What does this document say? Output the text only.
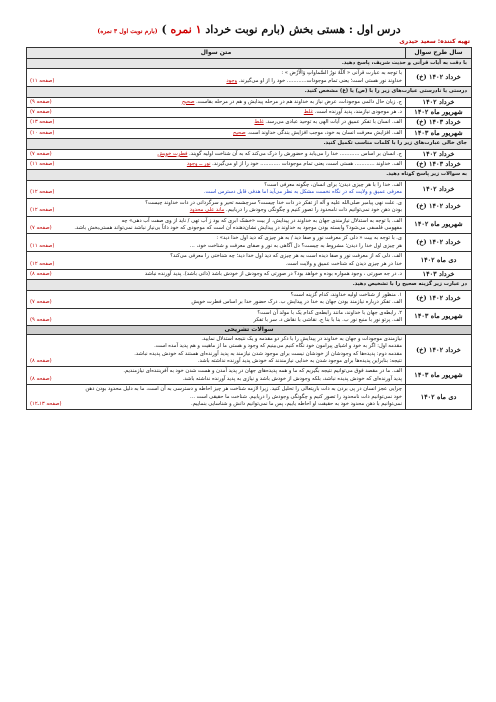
درس اول : هستی بخش (بارم نوبت خرداد ۱ نمره ) (بارم نوبت اول ۳ نمره)
تهیه کننده: سعید حیدری
سال طرح سوال	متن سوال
با دقت به آیات قرآنی و حدیث شریف، پاسخ دهید.	
خرداد ۱۴۰۲ (خ)	با توجه به عبارت قرآنی « اَللّهُ نورُ السَّماواتِ وَالْاَرْض » :
(صفحه ۱۱) خداوند نور هستی است؛ یعنی تمام موجودات............ خود را از او می‌گیرند. وجود

درستی یا نادرستی عبارت‌های زیر را با (ص) یا (غ) مشخص کنید.	
خرداد ۱۴۰۲	(صفحه ۹) ج. زیان حال دائمی موجودات، عرض نیاز به خداوند هم در مرحله پیدایش و هم در مرحله بقاست. صحیح

شهریور ماه ۱۴۰۲	(صفحه ۷) د. هر موجودی نیازمند، پدید آورنده است. غلط

خرداد ۱۴۰۳ (خ)	(صفحه ۱۳) الف. انسان با تفکر عمیق در آیات الهی به توحید عبادی می‌رسد. غلط

شهریور ماه ۱۴۰۳	(صفحه ۱۰) الف. افزایش معرفت انسان به خود، موجب افزایش بندگی خداوند است. صحیح

جای خالی عبارت‌های زیر را با کلمات مناسب تکمیل کنید.	
خرداد ۱۴۰۲	(صفحه ۷) ج. انسان بر اساس ............ خدا را می‌یابد و حضورش را درک می‌کند که به آن شناخت اولیه گویند. فطرت خویش

خرداد ۱۴۰۳ (خ)	(صفحه ۱۱) الف. خداوند ............ هستی است، یعنی تمام موجودات ............ خود را از او می‌گیرند. نور ــ وجود

به سوالات زیر پاسخ کوتاه دهید.	
خرداد ۱۴۰۲	الف. خدا را با هر چیزی دیدن؛ برای انسان، چگونه معرفی است؟
(صفحه ۱۲) معرفی عمیق و ولایت که در نگاه نخست مشکل به نظر می‌آید اما هدفی قابل دسترس است.

خرداد ۱۴۰۲ (خ)	ی. علت نهی پیامبر صلی‌الله علیه و آله از تفکر در ذات خدا چیست؟ سرچشمه تحیر و سرگردانی در ذات خداوند چیست؟
(صفحه ۱۲) بودن ذهن خود نمی‌توانیم ذات نامحدود را تصور کنیم و چگونگی وجودش را دریابیم. ماند علی محدود

شهریور ماه ۱۴۰۲	الف. با توجه به استدلال نیازمندی جهان به خداوند در پیدایش، از بیت «خشک ابری که بود ز آب تهی / ناید از وی صفت آب دهی» چه
(صفحه ۷) مفهومی فلسفی می‌شود؟ وابسته بودن موجود به خداوند در پیدایش نشان‌دهنده آن است که موجودی که خود ذاتاً بی‌نیاز نباشد نمی‌تواند هستی‌بخش باشد.

خرداد ۱۴۰۲ (خ)	ی. با توجه به بیت « دلی کز معرفت نور و صفا دید / به هر چیزی که دید اول خدا دید» :
(صفحه ۱۱) هر چیزی اول خدا را دیدن؛ مشروط به چیست؟ دل آگاهی به نور و صفای معرفت و شناخت خود، ...

دی ماه ۱۴۰۲	الف. دلی که از معرفت نور و صفا دیده است به هر چیزی که دید اول خدا دید؛ چه شناختی را معرفی می‌کند؟
(صفحه ۱۲) خدا در هر چیزی دیدن که شناخت عمیق و ولایت است.

خرداد ۱۴۰۳	(صفحه ۸) د. در جه صورتی ، وجود همواره بوده و خواهد بود؟ در صورتی که وجودش از خودش باشد (ذاتی باشد). پدید آورنده نباشد

در عبارت زیر گزینه صحیح را با تشخیص دهید.	
خرداد ۱۴۰۲ (خ)	۱. منظور از شناخت اولیه خداوند، کدام گزینه است؟
(صفحه ۷) الف. تفکر درباره نیازمند بودن جهان به خدا در پیدایش ب. درک حضور خدا بر اساس فطرت خویش

شهریور ماه ۱۴۰۳	۲. رابطه‌ی جهان با خداوند، مانند رابطه‌ی کدام یک با مولد آن است؟
(صفحه ۹) الف. پرتو نور با منبع نور ب. بنا با بنا ج. نقاشی با نقاش د. سر با تفکر

سوالات تشریحی	
خرداد ۱۴۰۲ (خ)	نیازمندی موجودات و جهان به خداوند در پیدایش را با ذکر دو مقدمه و یک نتیجه استدلال نمایید.
مقدمه اول: اگر به خود و اشیای پیرامون خود نگاه کنیم می‌بینیم که وجود و هستی ما از ماهیت و هم پدید آمده است.
مقدمه دوم: پدیده‌ها که وجودشان از خودشان نیست برای موجود شدن نیازمند به پدید آورنده‌ای هستند که خودش پدیده نباشد.
(صفحه ۸) نتیجه: بنابراین پدیده‌ها برای موجود شدن به خدایی نیازمندند که خودش پدید آورنده نداشته باشد.

شهریور ماه ۱۴۰۳	الف. ما در مقصد فوق می‌توانیم نتیجه بگیریم که ما و همه پدیده‌های جهان در پدید آمدن و هست شدن خود به آفریننده‌ای نیازمندیم.
(صفحه ۸) پدید آورنده‌ای که خودش پدیده نباشد، بلکه وجودش از خودش باشد و نیازی به پدید آورنده نداشته باشد.

دی ماه ۱۴۰۲	چرایی عجز انسان در پی بردن به ذات باریتعالی را تحلیل کنید. زیرا لازمه شناخت هر چیز احاطه و دسترسی به آن است، ما به دلیل محدود بودن ذهن
خود نمی‌توانیم ذات نامحدود را تصور کنیم و چگونگی وجودش را دریابیم. شناخت ما حقیقی است ...
(صفحه ۱۳ـ۱۲) نمی‌توانیم با ذهن محدود خود به حقیقت او احاطه یابیم، پس ما نمی‌توانیم دانش و شناسایی بنماییم.
